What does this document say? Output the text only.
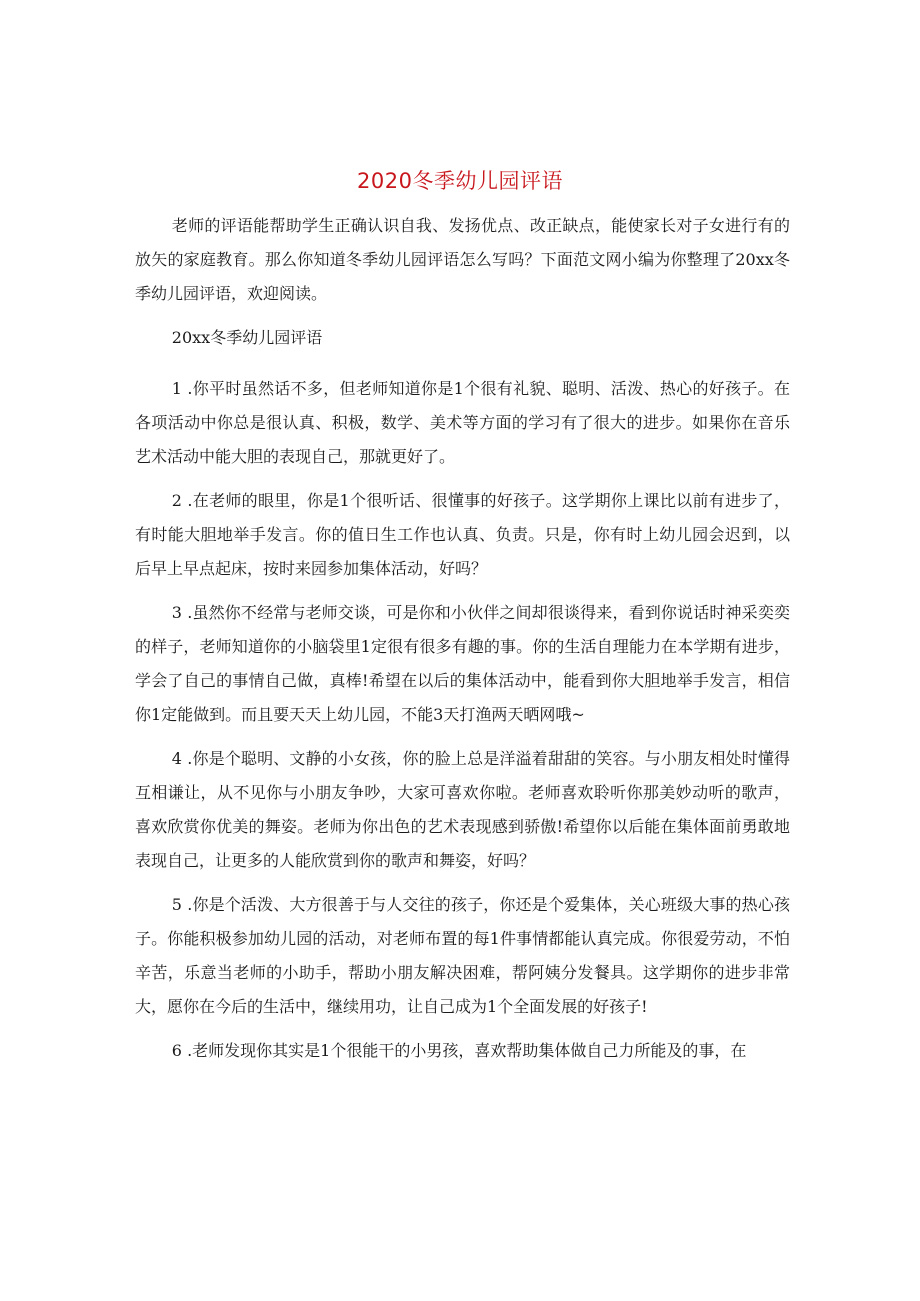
2020冬季幼儿园评语

老师的评语能帮助学生正确认识自我、发扬优点、改正缺点，能使家长对子女进行有的放矢的家庭教育。那么你知道冬季幼儿园评语怎么写吗？下面范文网小编为你整理了20xx冬季幼儿园评语，欢迎阅读。

20xx冬季幼儿园评语

1 .你平时虽然话不多，但老师知道你是1个很有礼貌、聪明、活泼、热心的好孩子。在各项活动中你总是很认真、积极，数学、美术等方面的学习有了很大的进步。如果你在音乐艺术活动中能大胆的表现自己，那就更好了。

2 .在老师的眼里，你是1个很听话、很懂事的好孩子。这学期你上课比以前有进步了，有时能大胆地举手发言。你的值日生工作也认真、负责。只是，你有时上幼儿园会迟到，以后早上早点起床，按时来园参加集体活动，好吗？

3 .虽然你不经常与老师交谈，可是你和小伙伴之间却很谈得来，看到你说话时神采奕奕的样子，老师知道你的小脑袋里1定很有很多有趣的事。你的生活自理能力在本学期有进步，学会了自己的事情自己做，真棒!希望在以后的集体活动中，能看到你大胆地举手发言，相信你1定能做到。而且要天天上幼儿园，不能3天打渔两天晒网哦~

4 .你是个聪明、文静的小女孩，你的脸上总是洋溢着甜甜的笑容。与小朋友相处时懂得互相谦让，从不见你与小朋友争吵，大家可喜欢你啦。老师喜欢聆听你那美妙动听的歌声，喜欢欣赏你优美的舞姿。老师为你出色的艺术表现感到骄傲!希望你以后能在集体面前勇敢地表现自己，让更多的人能欣赏到你的歌声和舞姿，好吗？

5 .你是个活泼、大方很善于与人交往的孩子，你还是个爱集体，关心班级大事的热心孩子。你能积极参加幼儿园的活动，对老师布置的每1件事情都能认真完成。你很爱劳动，不怕辛苦，乐意当老师的小助手，帮助小朋友解决困难，帮阿姨分发餐具。这学期你的进步非常大，愿你在今后的生活中，继续用功，让自己成为1个全面发展的好孩子!

6 .老师发现你其实是1个很能干的小男孩，喜欢帮助集体做自己力所能及的事，在
